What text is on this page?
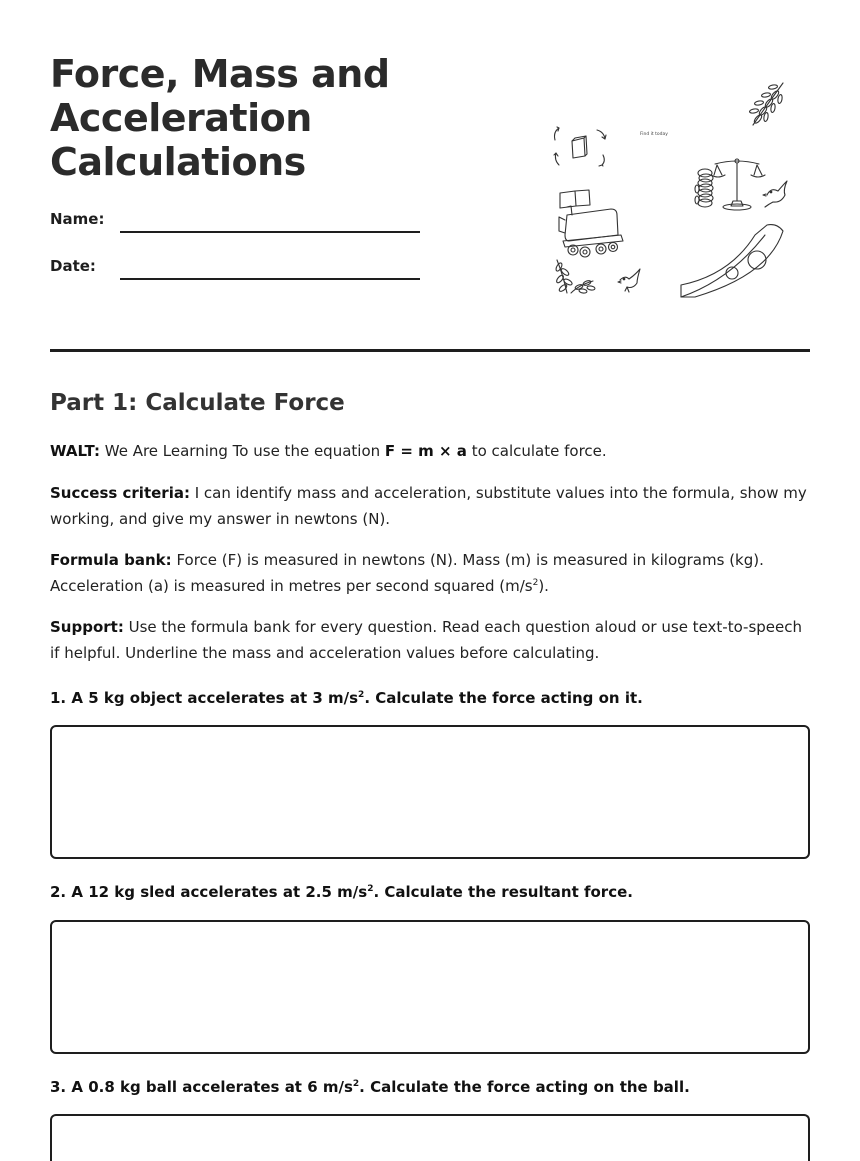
Force, Mass and Acceleration Calculations
Name:
Date:
Find it today
Part 1: Calculate Force

WALT: We Are Learning To use the equation F = m × a to calculate force.

Success criteria: I can identify mass and acceleration, substitute values into the formula, show my working, and give my answer in newtons (N).

Formula bank: Force (F) is measured in newtons (N). Mass (m) is measured in kilograms (kg). Acceleration (a) is measured in metres per second squared $(m/s^2)$.

Support: Use the formula bank for every question. Read each question aloud or use text-to-speech if helpful. Underline the mass and acceleration values before calculating.

1. A 5 kg object accelerates at 3 $m/s^2$. Calculate the force acting on it.

2. A 12 kg sled accelerates at 2.5 $m/s^2$. Calculate the resultant force.

3. A 0.8 kg ball accelerates at 6 $m/s^2$. Calculate the force acting on the ball.
